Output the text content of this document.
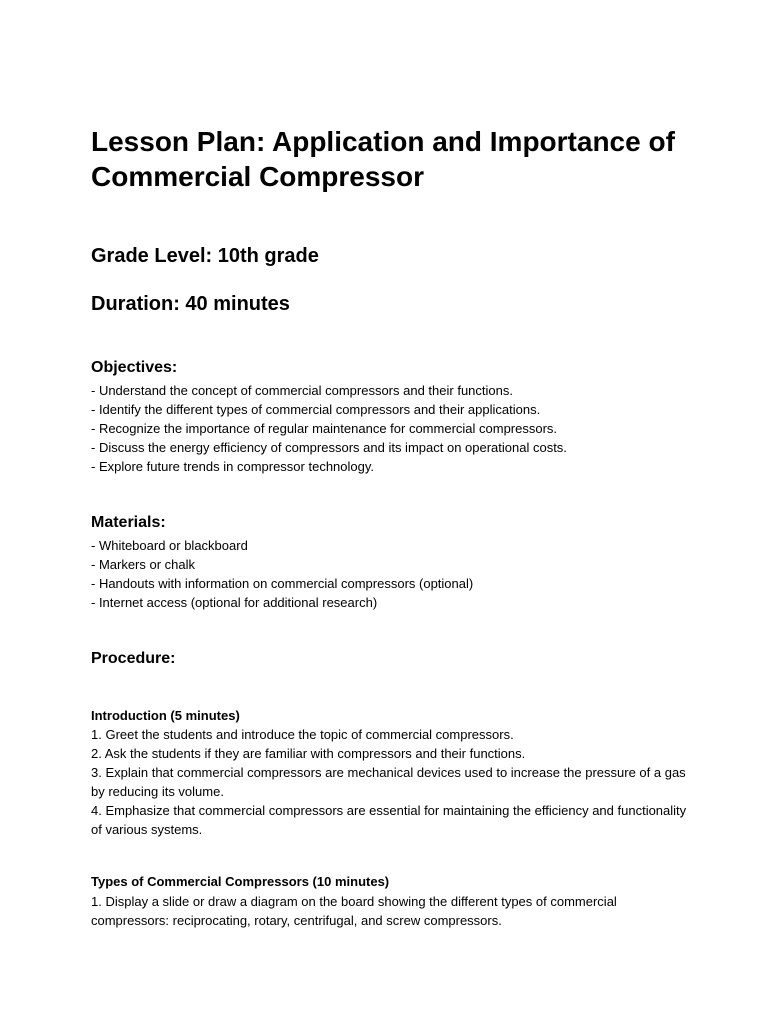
Lesson Plan: Application and Importance of Commercial Compressor
Grade Level: 10th grade
Duration: 40 minutes
Objectives:
- Understand the concept of commercial compressors and their functions.
- Identify the different types of commercial compressors and their applications.
- Recognize the importance of regular maintenance for commercial compressors.
- Discuss the energy efficiency of compressors and its impact on operational costs.
- Explore future trends in compressor technology.
Materials:
- Whiteboard or blackboard
- Markers or chalk
- Handouts with information on commercial compressors (optional)
- Internet access (optional for additional research)
Procedure:
Introduction (5 minutes)
1. Greet the students and introduce the topic of commercial compressors.
2. Ask the students if they are familiar with compressors and their functions.
3. Explain that commercial compressors are mechanical devices used to increase the pressure of a gas by reducing its volume.
4. Emphasize that commercial compressors are essential for maintaining the efficiency and functionality of various systems.
Types of Commercial Compressors (10 minutes)
1. Display a slide or draw a diagram on the board showing the different types of commercial compressors: reciprocating, rotary, centrifugal, and screw compressors.
